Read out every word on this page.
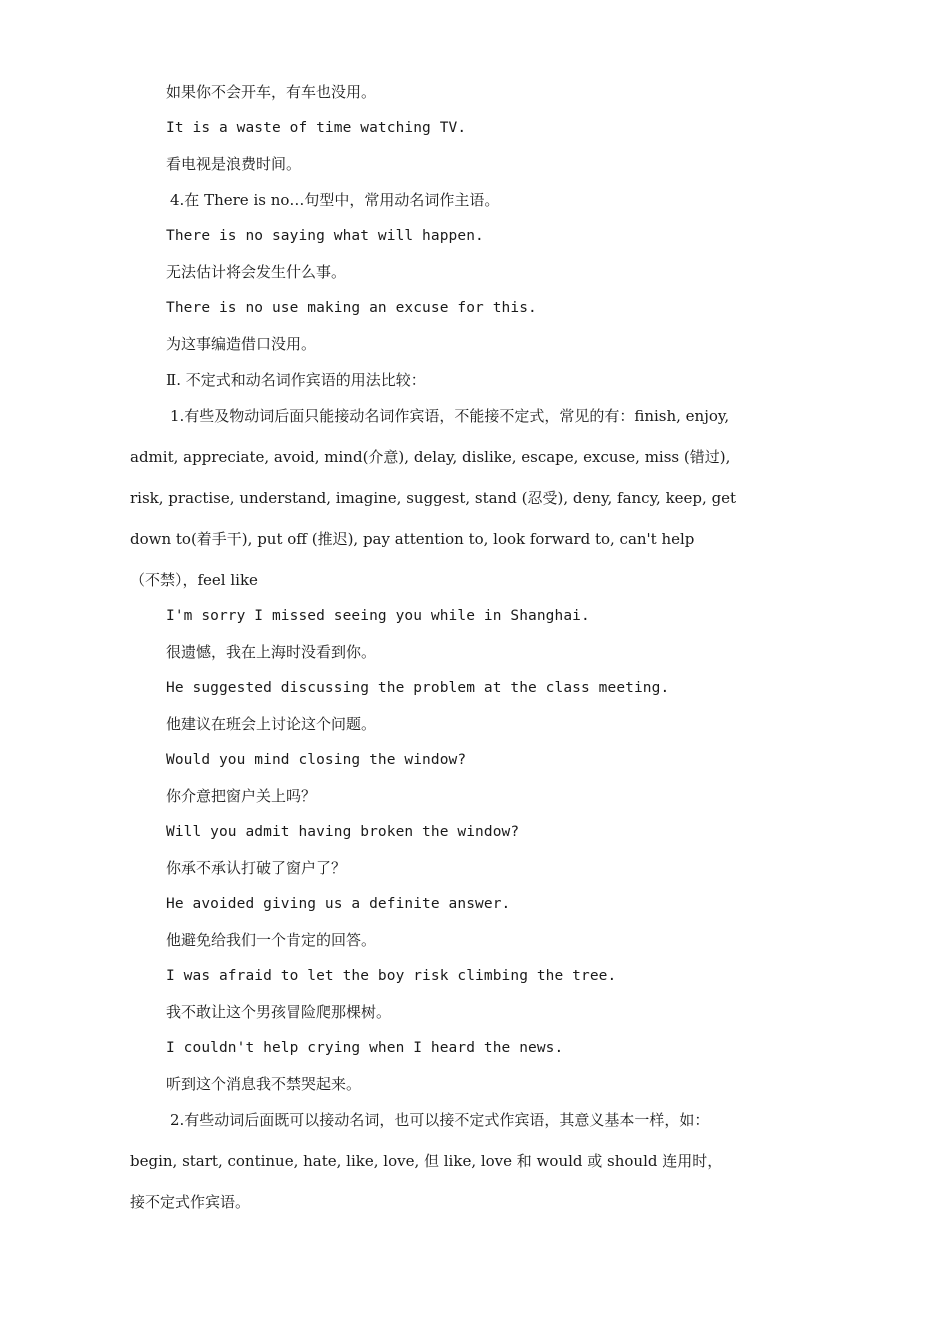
如果你不会开车，有车也没用。
It is a waste of time watching TV.
看电视是浪费时间。
4.在 There is no…句型中，常用动名词作主语。
There is no saying what will happen.
无法估计将会发生什么事。
There is no use making an excuse for this.
为这事编造借口没用。
Ⅱ. 不定式和动名词作宾语的用法比较：
1.有些及物动词后面只能接动名词作宾语，不能接不定式，常见的有：finish, enjoy,
admit, appreciate, avoid, mind(介意), delay, dislike, escape, excuse, miss (错过),
risk, practise, understand, imagine, suggest, stand (忍受), deny, fancy, keep, get
down to(着手干), put off (推迟), pay attention to, look forward to, can't help
（不禁），feel like
I'm sorry I missed seeing you while in Shanghai.
很遗憾，我在上海时没看到你。
He suggested discussing the problem at the class meeting.
他建议在班会上讨论这个问题。
Would you mind closing the window?
你介意把窗户关上吗？
Will you admit having broken the window?
你承不承认打破了窗户了？
He avoided giving us a definite answer.
他避免给我们一个肯定的回答。
I was afraid to let the boy risk climbing the tree.
我不敢让这个男孩冒险爬那棵树。
I couldn't help crying when I heard the news.
听到这个消息我不禁哭起来。
2.有些动词后面既可以接动名词，也可以接不定式作宾语，其意义基本一样，如：
begin, start, continue, hate, like, love, 但 like, love 和 would 或 should 连用时，
接不定式作宾语。
